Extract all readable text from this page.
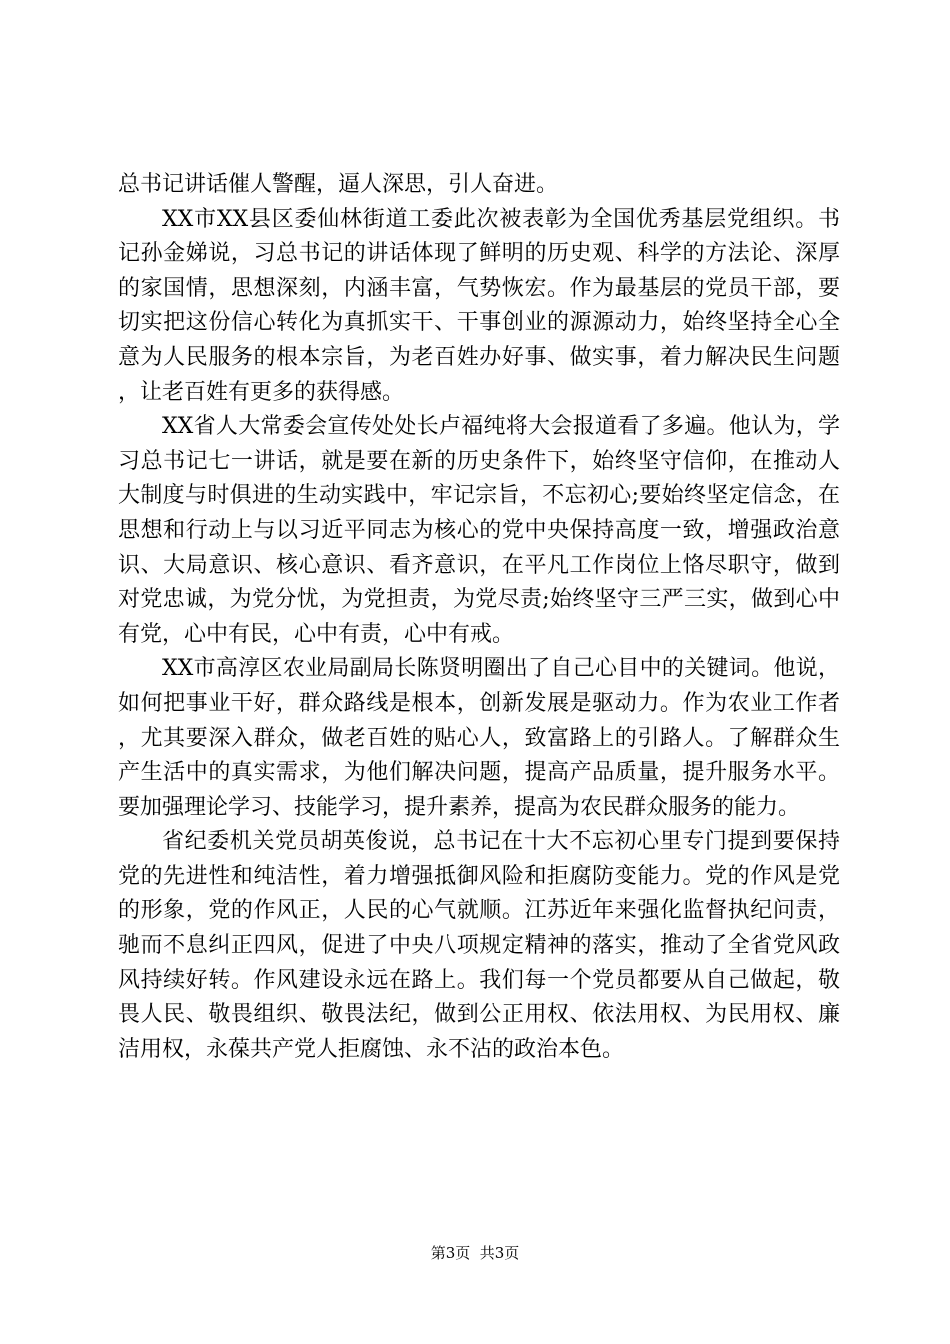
总书记讲话催人警醒，逼人深思，引人奋进。

XX市XX县区委仙林街道工委此次被表彰为全国优秀基层党组织。书记孙金娣说，习总书记的讲话体现了鲜明的历史观、科学的方法论、深厚的家国情，思想深刻，内涵丰富，气势恢宏。作为最基层的党员干部，要切实把这份信心转化为真抓实干、干事创业的源源动力，始终坚持全心全意为人民服务的根本宗旨，为老百姓办好事、做实事，着力解决民生问题，让老百姓有更多的获得感。

XX省人大常委会宣传处处长卢福纯将大会报道看了多遍。他认为，学习总书记七一讲话，就是要在新的历史条件下，始终坚守信仰，在推动人大制度与时俱进的生动实践中，牢记宗旨，不忘初心;要始终坚定信念，在思想和行动上与以习近平同志为核心的党中央保持高度一致，增强政治意识、大局意识、核心意识、看齐意识，在平凡工作岗位上恪尽职守，做到对党忠诚，为党分忧，为党担责，为党尽责;始终坚守三严三实，做到心中有党，心中有民，心中有责，心中有戒。

XX市高淳区农业局副局长陈贤明圈出了自己心目中的关键词。他说，如何把事业干好，群众路线是根本，创新发展是驱动力。作为农业工作者，尤其要深入群众，做老百姓的贴心人，致富路上的引路人。了解群众生产生活中的真实需求，为他们解决问题，提高产品质量，提升服务水平。要加强理论学习、技能学习，提升素养，提高为农民群众服务的能力。

省纪委机关党员胡英俊说，总书记在十大不忘初心里专门提到要保持党的先进性和纯洁性，着力增强抵御风险和拒腐防变能力。党的作风是党的形象，党的作风正，人民的心气就顺。江苏近年来强化监督执纪问责，驰而不息纠正四风，促进了中央八项规定精神的落实，推动了全省党风政风持续好转。作风建设永远在路上。我们每一个党员都要从自己做起，敬畏人民、敬畏组织、敬畏法纪，做到公正用权、依法用权、为民用权、廉洁用权，永葆共产党人拒腐蚀、永不沾的政治本色。

第3页  共3页
